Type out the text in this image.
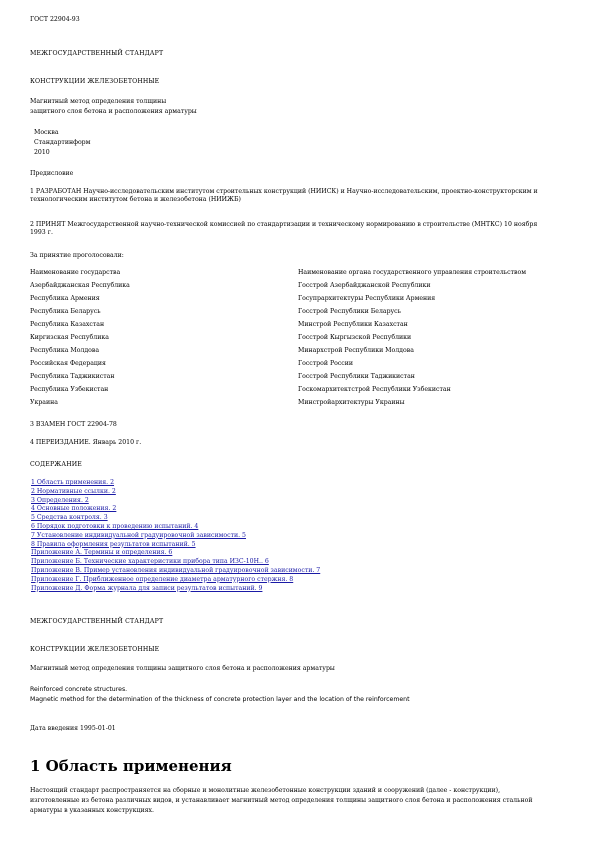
ГОСТ 22904-93
МЕЖГОСУДАРСТВЕННЫЙ СТАНДАРТ
КОНСТРУКЦИИ ЖЕЛЕЗОБЕТОННЫЕ
Магнитный метод определения толщины
защитного слоя бетона и расположения арматуры
Москва
Стандартинформ
2010
Предисловие
1 РАЗРАБОТАН Научно-исследовательским институтом строительных конструкций (НИИСК) и Научно-исследовательским, проектно-конструкторским и технологическим институтом бетона и железобетона (НИИЖБ)
2 ПРИНЯТ Межгосударственной научно-технической комиссией по стандартизации и техническому нормированию в строительстве (МНТКС) 10 ноября 1993 г.
За принятие проголосовали:
Наименование государства	Наименование органа государственного управления строительством
Азербайджанская Республика	Госстрой Азербайджанской Республики
Республика Армения	Госупрархитектуры Республики Армения
Республика Беларусь	Госстрой Республики Беларусь
Республика Казахстан	Минстрой Республики Казахстан
Киргизская Республика	Госстрой Кыргызской Республики
Республика Молдова	Минархстрой Республики Молдова
Российская Федерация	Госстрой России
Республика Таджикистан	Госстрой Республики Таджикистан
Республика Узбекистан	Госкомархитектстрой Республики Узбекистан
Украина	Минстройархитектуры Украины
3 ВЗАМЕН ГОСТ 22904-78
4 ПЕРЕИЗДАНИЕ. Январь 2010 г.
СОДЕРЖАНИЕ
1 Область применения. 2
2 Нормативные ссылки. 2
3 Определения. 2
4 Основные положения. 2
5 Средства контроля. 3
6 Порядок подготовки к проведению испытаний. 4
7 Установление индивидуальной градуировочной зависимости. 5
8 Правила оформления результатов испытаний. 5
Приложение А. Термины и определения. 6
Приложение Б. Технические характеристики прибора типа ИЗС-10Н.. 6
Приложение В. Пример установления индивидуальной градуировочной зависимости. 7
Приложение Г. Приближенное определение диаметра арматурного стержня. 8
Приложение Д. Форма журнала для записи результатов испытаний. 9
МЕЖГОСУДАРСТВЕННЫЙ СТАНДАРТ
КОНСТРУКЦИИ ЖЕЛЕЗОБЕТОННЫЕ
Магнитный метод определения толщины защитного слоя бетона и расположения арматуры
Reinforced concrete structures.
Magnetic method for the determination of the thickness of concrete protection layer and the location of the reinforcement
Дата введения 1995-01-01
1 Область применения
Настоящий стандарт распространяется на сборные и монолитные железобетонные конструкции зданий и сооружений (далее - конструкции), изготовленные из бетона различных видов, и устанавливает магнитный метод определения толщины защитного слоя бетона и расположения стальной арматуры в указанных конструкциях.
